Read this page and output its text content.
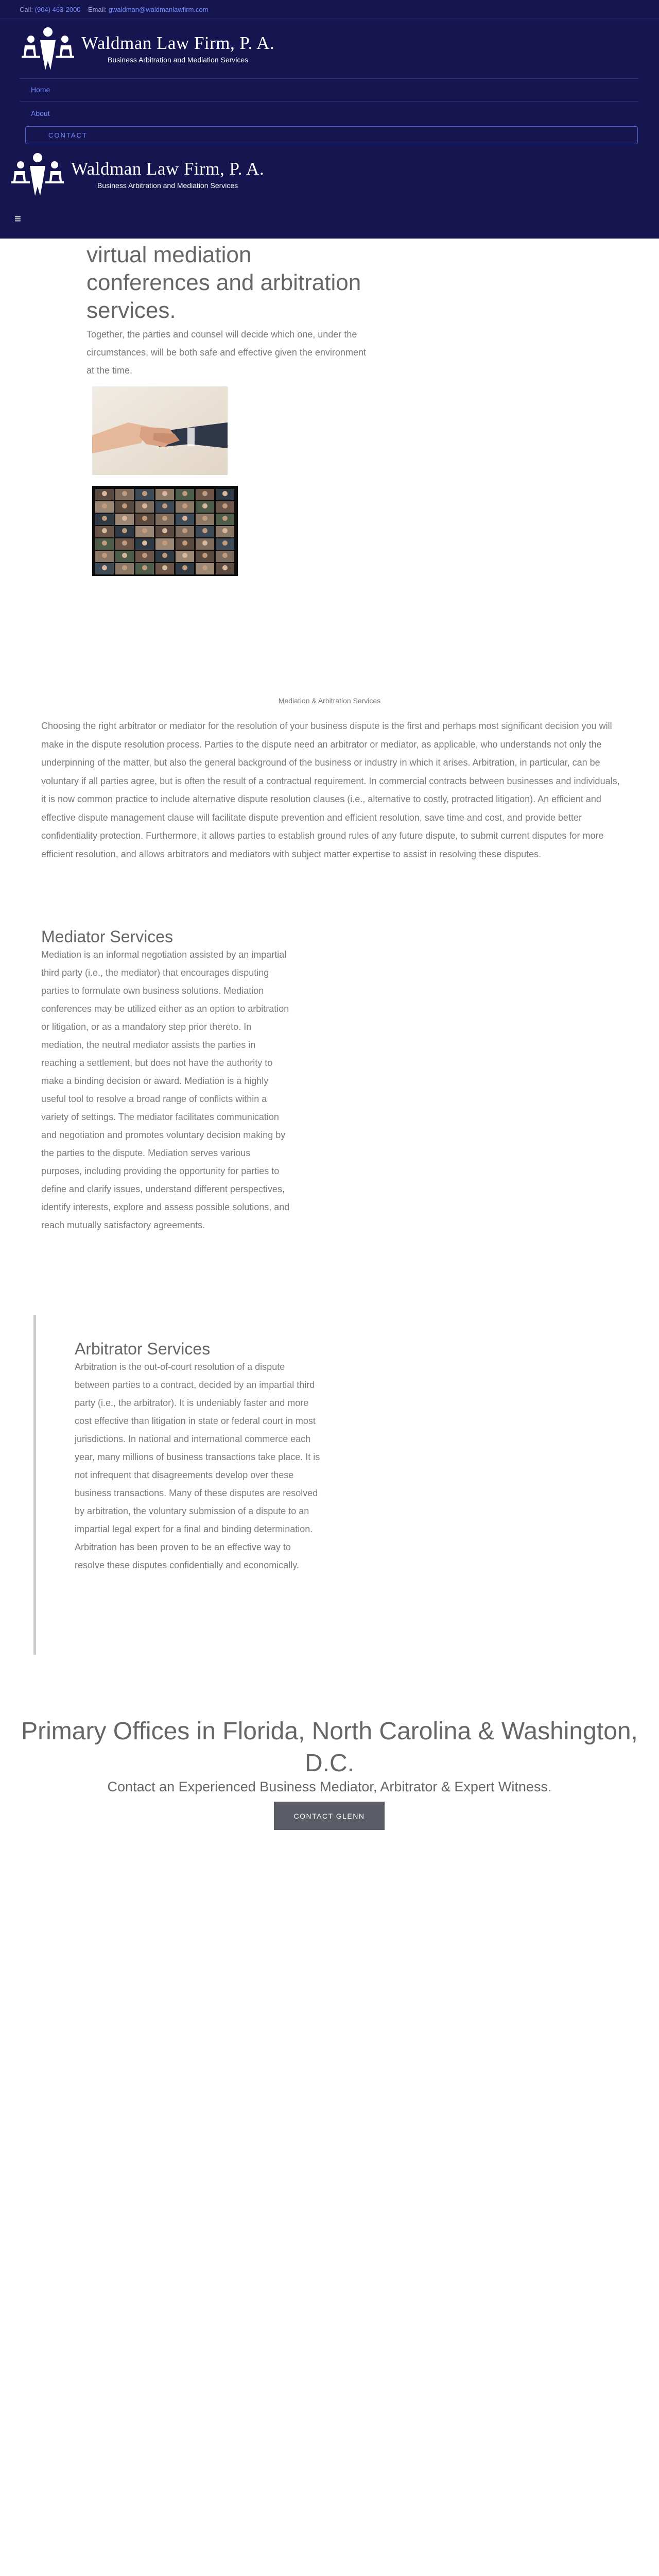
Call: (904) 463-2000 Email: gwaldman@waldmanlawfirm.com
Waldman Law Firm, P. A.
Business Arbitration and Mediation Services
Home
About
CONTACT
Waldman Law Firm, P. A.
Business Arbitration and Mediation Services
≡
virtual mediation conferences and arbitration services.

Together, the parties and counsel will decide which one, under the circumstances, will be both safe and effective given the environment at the time.

Mediation & Arbitration Services

Choosing the right arbitrator or mediator for the resolution of your business dispute is the first and perhaps most significant decision you will make in the dispute resolution process. Parties to the dispute need an arbitrator or mediator, as applicable, who understands not only the underpinning of the matter, but also the general background of the business or industry in which it arises. Arbitration, in particular, can be voluntary if all parties agree, but is often the result of a contractual requirement. In commercial contracts between businesses and individuals, it is now common practice to include alternative dispute resolution clauses (i.e., alternative to costly, protracted litigation). An efficient and effective dispute management clause will facilitate dispute prevention and efficient resolution, save time and cost, and provide better confidentiality protection. Furthermore, it allows parties to establish ground rules of any future dispute, to submit current disputes for more efficient resolution, and allows arbitrators and mediators with subject matter expertise to assist in resolving these disputes.

Mediator Services

Mediation is an informal negotiation assisted by an impartial third party (i.e., the mediator) that encourages disputing parties to formulate own business solutions. Mediation conferences may be utilized either as an option to arbitration or litigation, or as a mandatory step prior thereto. In mediation, the neutral mediator assists the parties in reaching a settlement, but does not have the authority to make a binding decision or award. Mediation is a highly useful tool to resolve a broad range of conflicts within a variety of settings. The mediator facilitates communication and negotiation and promotes voluntary decision making by the parties to the dispute. Mediation serves various purposes, including providing the opportunity for parties to define and clarify issues, understand different perspectives, identify interests, explore and assess possible solutions, and reach mutually satisfactory agreements.

Arbitrator Services

Arbitration is the out-of-court resolution of a dispute between parties to a contract, decided by an impartial third party (i.e., the arbitrator). It is undeniably faster and more cost effective than litigation in state or federal court in most jurisdictions. In national and international commerce each year, many millions of business transactions take place. It is not infrequent that disagreements develop over these business transactions. Many of these disputes are resolved by arbitration, the voluntary submission of a dispute to an impartial legal expert for a final and binding determination. Arbitration has been proven to be an effective way to resolve these disputes confidentially and economically.

Primary Offices in Florida, North Carolina & Washington, D.C.

Contact an Experienced Business Mediator, Arbitrator & Expert Witness.

CONTACT GLENN
